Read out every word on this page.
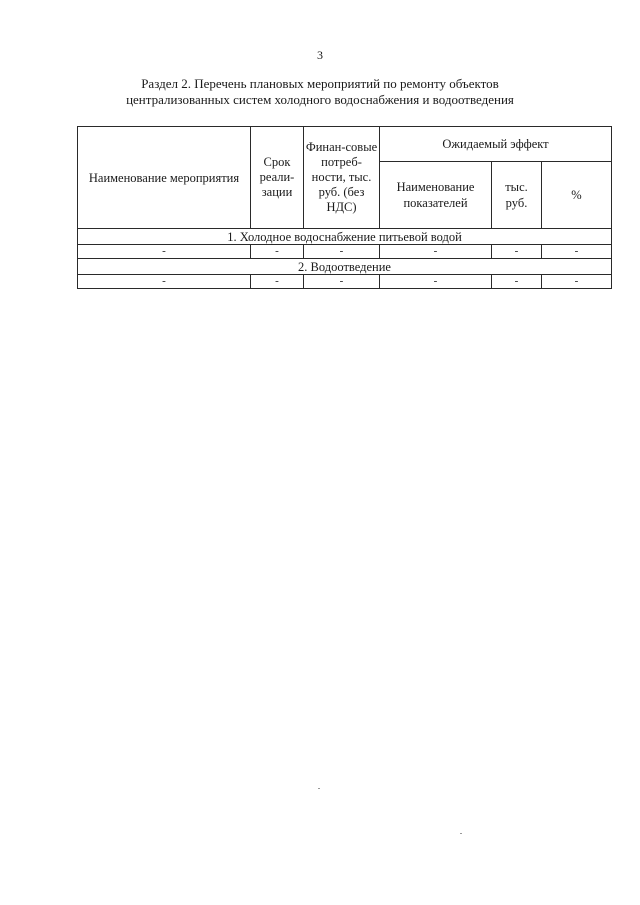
3
Раздел 2. Перечень плановых мероприятий по ремонту объектов
централизованных систем холодного водоснабжения и водоотведения
Наименование мероприятия	Срок реали-зации	Финан-совые потреб-ности, тыс. руб. (без НДС)	Ожидаемый эффект		
			Наименование показателей	тыс. руб.	%
1. Холодное водоснабжение питьевой водой					
-	-	-	-	-	-
2. Водоотведение					
-	-	-	-	-	-
